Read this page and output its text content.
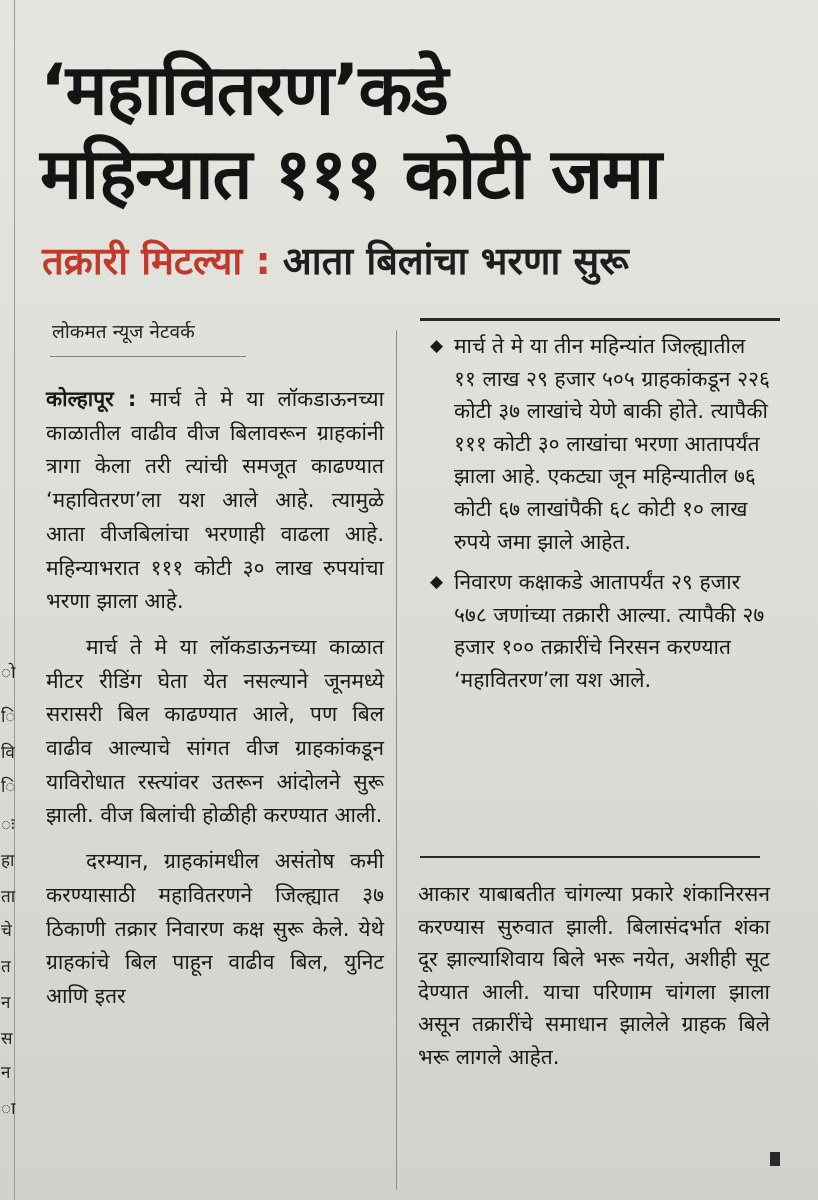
ो
ि
वि
ि
ः
हा
ता
चे
त
न
स
न
ा
‘महावितरण’कडे
महिन्यात १११ कोटी जमा
तक्रारी मिटल्या : आता बिलांचा भरणा सुरू
लोकमत न्यूज नेटवर्क

कोल्हापूर : मार्च ते मे या लॉकडाऊनच्या काळातील वाढीव वीज बिलावरून ग्राहकांनी त्रागा केला तरी त्यांची समजूत काढण्यात ‘महावितरण’ला यश आले आहे. त्यामुळे आता वीजबिलांचा भरणाही वाढला आहे. महिन्याभरात १११ कोटी ३० लाख रुपयांचा भरणा झाला आहे.

मार्च ते मे या लॉकडाऊनच्या काळात मीटर रीडिंग घेता येत नसल्याने जूनमध्ये सरासरी बिल काढण्यात आले, पण बिल वाढीव आल्याचे सांगत वीज ग्राहकांकडून याविरोधात रस्त्यांवर उतरून आंदोलने सुरू झाली. वीज बिलांची होळीही करण्यात आली.

दरम्यान, ग्राहकांमधील असंतोष कमी करण्यासाठी महावितरणने जिल्ह्यात ३७ ठिकाणी तक्रार निवारण कक्ष सुरू केले. येथे ग्राहकांचे बिल पाहून वाढीव बिल, युनिट आणि इतर

◆ मार्च ते मे या तीन महिन्यांत जिल्ह्यातील ११ लाख २९ हजार ५०५ ग्राहकांकडून २२६ कोटी ३७ लाखांचे येणे बाकी होते. त्यापैकी १११ कोटी ३० लाखांचा भरणा आतापर्यंत झाला आहे. एकट्या जून महिन्यातील ७६ कोटी ६७ लाखांपैकी ६८ कोटी १० लाख रुपये जमा झाले आहेत.

◆ निवारण कक्षाकडे आतापर्यंत २९ हजार ५७८ जणांच्या तक्रारी आल्या. त्यापैकी २७ हजार १०० तक्रारींचे निरसन करण्यात ‘महावितरण’ला यश आले.

आकार याबाबतीत चांगल्या प्रकारे शंकानिरसन करण्यास सुरुवात झाली. बिलासंदर्भात शंका दूर झाल्याशिवाय बिले भरू नयेत, अशीही सूट देण्यात आली. याचा परिणाम चांगला झाला असून तक्रारींचे समाधान झालेले ग्राहक बिले भरू लागले आहेत.
